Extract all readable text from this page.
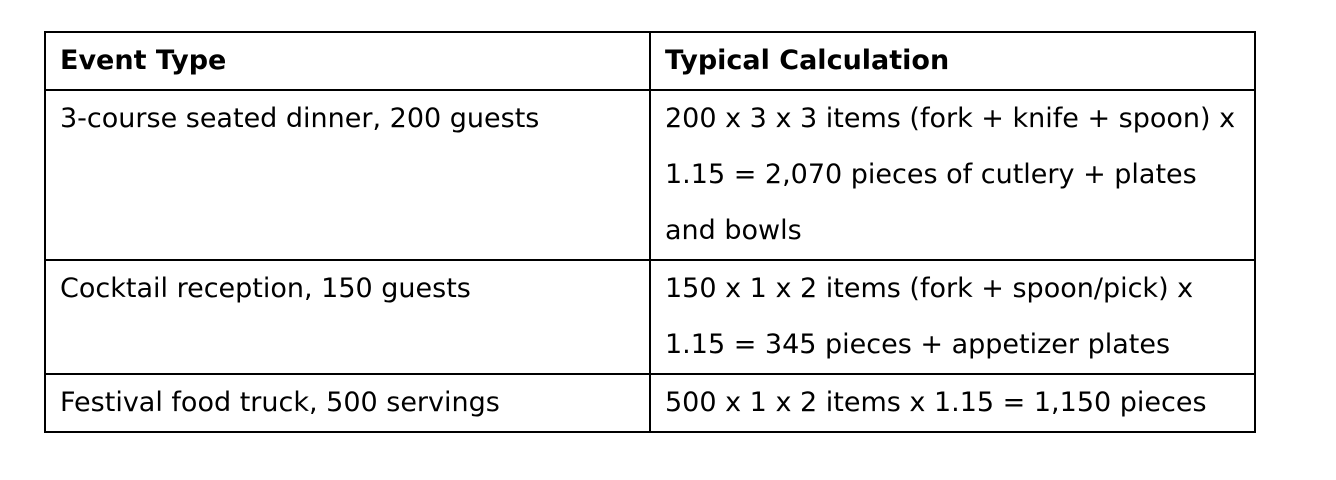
Event Type	Typical Calculation
3-course seated dinner, 200 guests	200 x 3 x 3 items (fork + knife + spoon) x 1.15 = 2,070 pieces of cutlery + plates and bowls
Cocktail reception, 150 guests	150 x 1 x 2 items (fork + spoon/pick) x 1.15 = 345 pieces + appetizer plates
Festival food truck, 500 servings	500 x 1 x 2 items x 1.15 = 1,150 pieces
